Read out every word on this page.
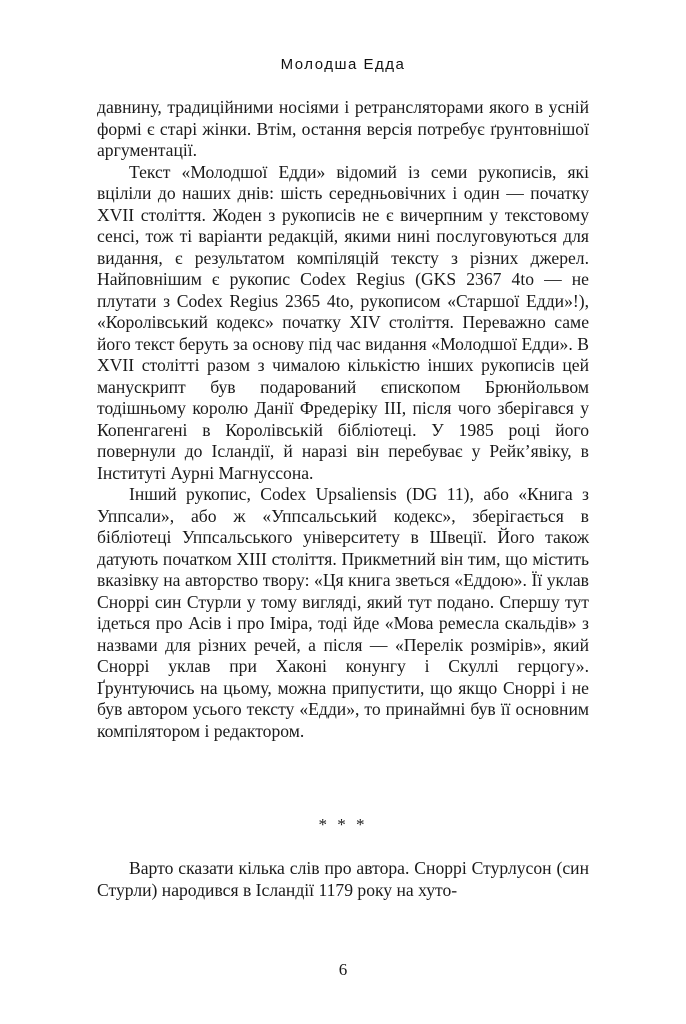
Молодша Едда

давнину, традиційними носіями і ретрансляторами якого в усній формі є старі жінки. Втім, остання версія потребує ґрунтовнішої аргументації.

Текст «Молодшої Едди» відомий із семи рукописів, які вціліли до наших днів: шість середньовічних і один — початку XVII століття. Жоден з рукописів не є вичерпним у текстовому сенсі, тож ті варіанти редакцій, якими нині послуговуються для видання, є результатом компіляцій тексту з різних джерел. Найповнішим є рукопис Codex Regius (GKS 2367 4to — не плутати з Codex Regius 2365 4to, рукописом «Старшої Едди»!), «Королівський кодекс» початку XIV століття. Переважно саме його текст беруть за основу під час видання «Молодшої Едди». В XVII столітті разом з чималою кількістю інших рукописів цей манускрипт був подарований єпископом Брюнйольвом тодішньому королю Данії Фредеріку III, після чого зберігався у Копенгагені в Королівській бібліотеці. У 1985 році його повернули до Ісландії, й наразі він перебуває у Рейк’явіку, в Інституті Аурні Магнуссона.

Інший рукопис, Codex Upsaliensis (DG 11), або «Книга з Уппсали», або ж «Уппсальський кодекс», зберігається в бібліотеці Уппсальського університету в Швеції. Його також датують початком XIII століття. Прикметний він тим, що містить вказівку на авторство твору: «Ця книга зветься «Еддою». Її уклав Сноррі син Стурли у тому вигляді, який тут подано. Спершу тут ідеться про Асів і про Іміра, тоді йде «Мова ремесла скальдів» з назвами для різних речей, а після — «Перелік розмірів», який Сноррі уклав при Хаконі конунгу і Скуллі герцогу». Ґрунтуючись на цьому, можна припустити, що якщо Сноррі і не був автором усього тексту «Едди», то принаймні був її основним компілятором і редактором.

* * *

Варто сказати кілька слів про автора. Сноррі Стурлусон (син Стурли) народився в Ісландії 1179 року на хуто-

6
